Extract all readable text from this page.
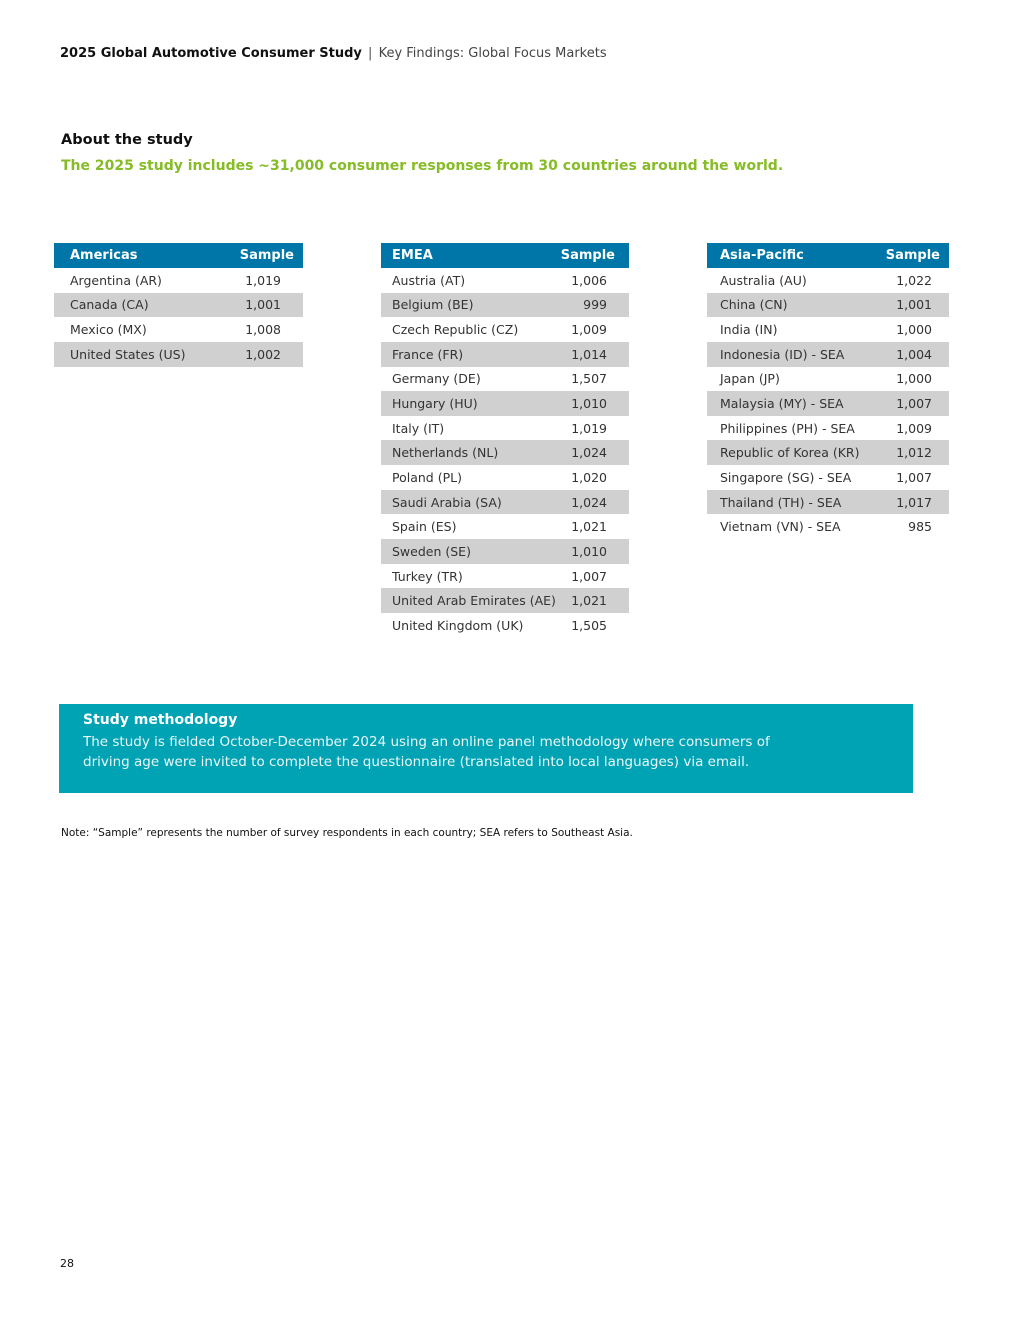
2025 Global Automotive Consumer Study | Key Findings: Global Focus Markets
About the study
The 2025 study includes ~31,000 consumer responses from 30 countries around the world.
Americas	Sample
Argentina (AR)	1,019
Canada (CA)	1,001
Mexico (MX)	1,008
United States (US)	1,002
EMEA	Sample
Austria (AT)	1,006
Belgium (BE)	999
Czech Republic (CZ)	1,009
France (FR)	1,014
Germany (DE)	1,507
Hungary (HU)	1,010
Italy (IT)	1,019
Netherlands (NL)	1,024
Poland (PL)	1,020
Saudi Arabia (SA)	1,024
Spain (ES)	1,021
Sweden (SE)	1,010
Turkey (TR)	1,007
United Arab Emirates (AE)	1,021
United Kingdom (UK)	1,505
Asia-Pacific	Sample
Australia (AU)	1,022
China (CN)	1,001
India (IN)	1,000
Indonesia (ID) - SEA	1,004
Japan (JP)	1,000
Malaysia (MY) - SEA	1,007
Philippines (PH) - SEA	1,009
Republic of Korea (KR)	1,012
Singapore (SG) - SEA	1,007
Thailand (TH) - SEA	1,017
Vietnam (VN) - SEA	985
Study methodology
The study is fielded October-December 2024 using an online panel methodology where consumers of driving age were invited to complete the questionnaire (translated into local languages) via email.
Note: “Sample” represents the number of survey respondents in each country; SEA refers to Southeast Asia.
28
